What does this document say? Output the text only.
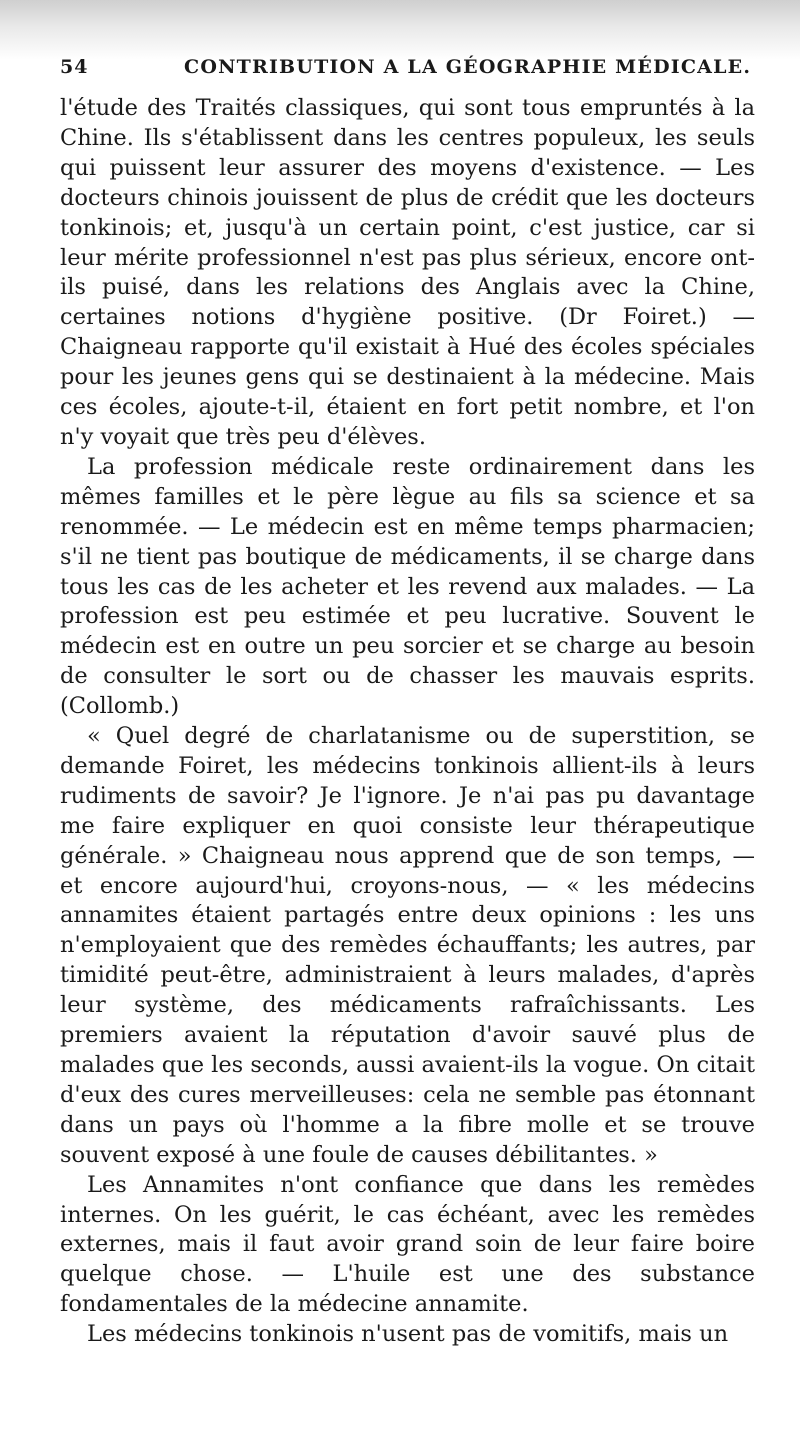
54	CONTRIBUTION A LA GÉOGRAPHIE MÉDICALE.

l'étude des Traités classiques, qui sont tous empruntés à la Chine. Ils s'établissent dans les centres populeux, les seuls qui puissent leur assurer des moyens d'existence. — Les docteurs chinois jouissent de plus de crédit que les docteurs tonkinois; et, jusqu'à un certain point, c'est justice, car si leur mérite professionnel n'est pas plus sérieux, encore ont-ils puisé, dans les relations des Anglais avec la Chine, certaines notions d'hygiène positive. (Dr Foiret.) — Chaigneau rapporte qu'il existait à Hué des écoles spéciales pour les jeunes gens qui se destinaient à la médecine. Mais ces écoles, ajoute-t-il, étaient en fort petit nombre, et l'on n'y voyait que très peu d'élèves.

La profession médicale reste ordinairement dans les mêmes familles et le père lègue au fils sa science et sa renommée. — Le médecin est en même temps pharmacien; s'il ne tient pas boutique de médicaments, il se charge dans tous les cas de les acheter et les revend aux malades. — La profession est peu estimée et peu lucrative. Souvent le médecin est en outre un peu sorcier et se charge au besoin de consulter le sort ou de chasser les mauvais esprits. (Collomb.)

« Quel degré de charlatanisme ou de superstition, se demande Foiret, les médecins tonkinois allient-ils à leurs rudiments de savoir? Je l'ignore. Je n'ai pas pu davantage me faire expliquer en quoi consiste leur thérapeutique générale. » Chaigneau nous apprend que de son temps, — et encore aujourd'hui, croyons-nous, — « les médecins annamites étaient partagés entre deux opinions : les uns n'employaient que des remèdes échauffants; les autres, par timidité peut-être, administraient à leurs malades, d'après leur système, des médicaments rafraîchissants. Les premiers avaient la réputation d'avoir sauvé plus de malades que les seconds, aussi avaient-ils la vogue. On citait d'eux des cures merveilleuses: cela ne semble pas étonnant dans un pays où l'homme a la fibre molle et se trouve souvent exposé à une foule de causes débilitantes. »

Les Annamites n'ont confiance que dans les remèdes internes. On les guérit, le cas échéant, avec les remèdes externes, mais il faut avoir grand soin de leur faire boire quelque chose. — L'huile est une des substance fondamentales de la médecine annamite.

Les médecins tonkinois n'usent pas de vomitifs, mais un
